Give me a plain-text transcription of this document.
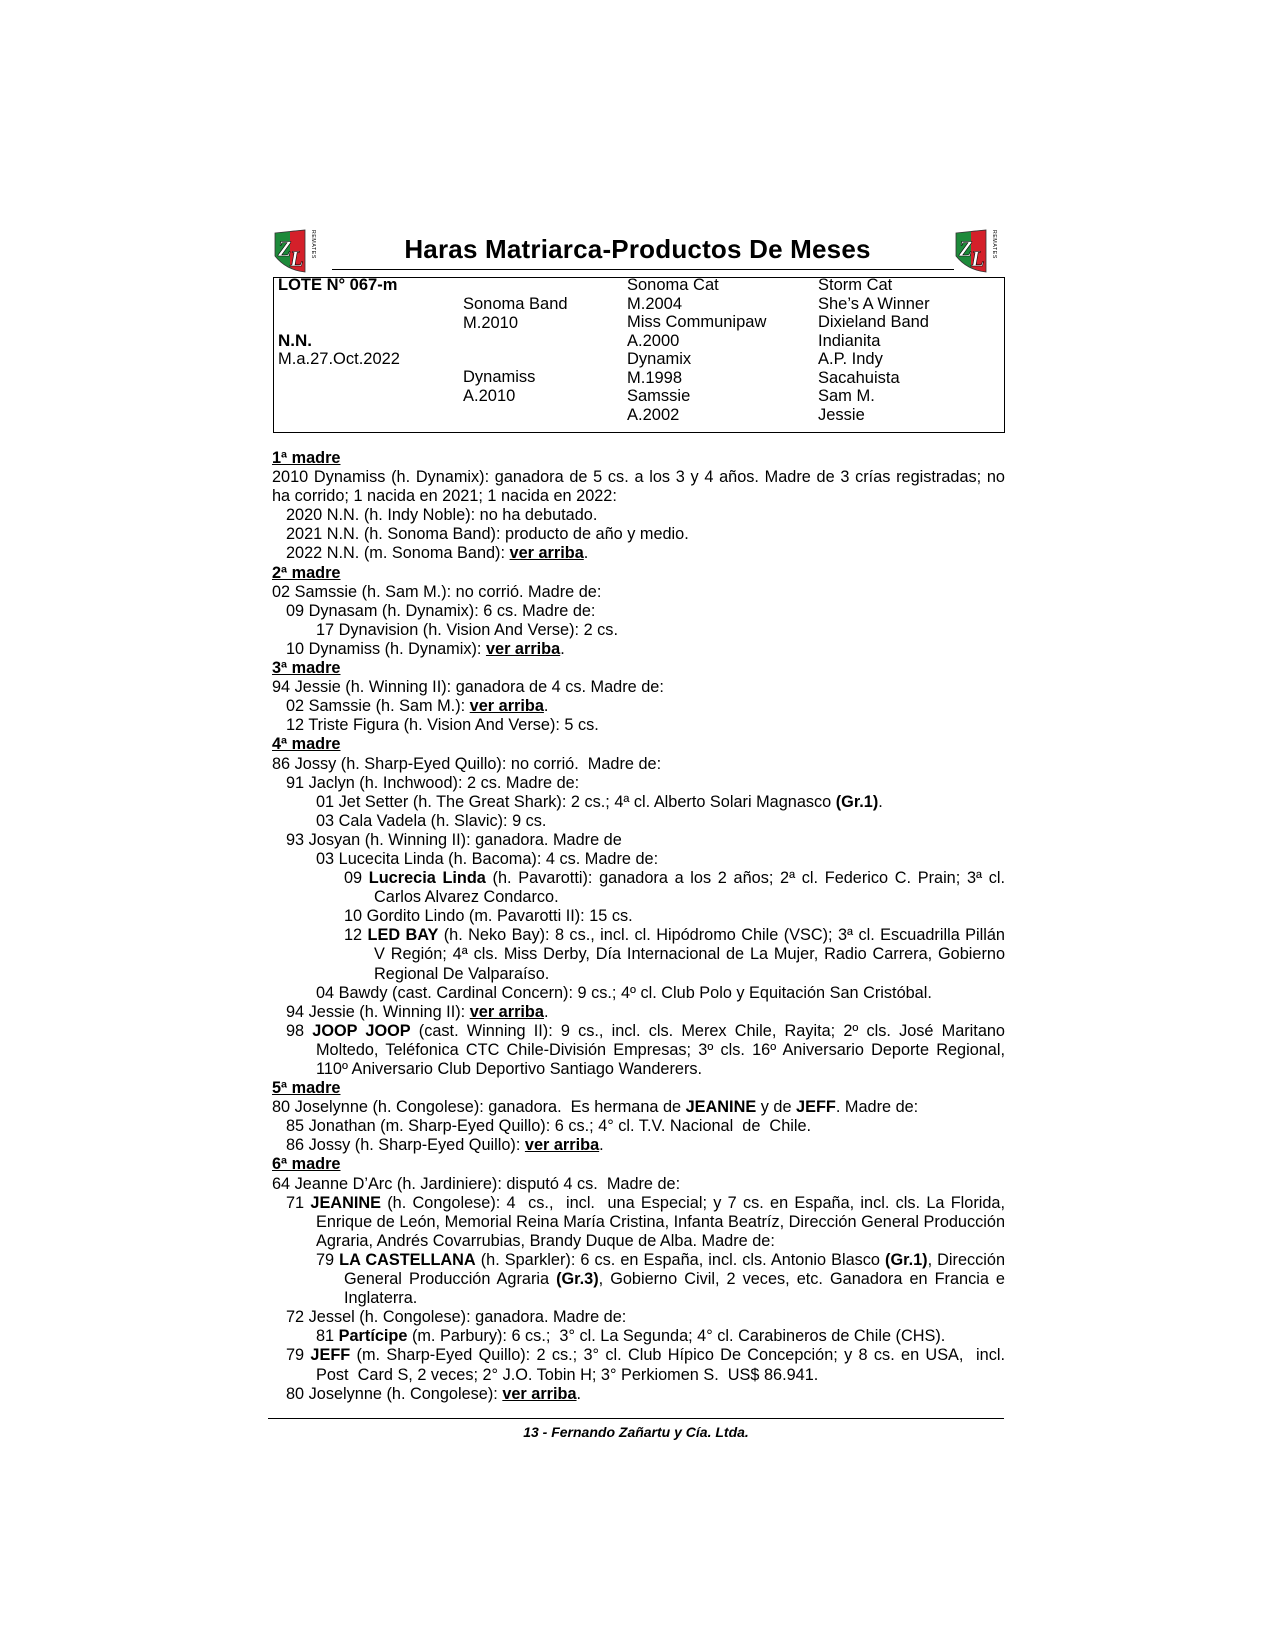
Z
L REMATES	Haras Matriarca-Productos De Meses	Z
L REMATES
LOTE N° 067-m
N.N.
M.a.27.Oct.2022
Sonoma Band
M.2010
Dynamiss
A.2010
Sonoma Cat
M.2004
Miss Communipaw
A.2000
Dynamix
M.1998
Samssie
A.2002
Storm Cat
She’s A Winner
Dixieland Band
Indianita
A.P. Indy
Sacahuista
Sam M.
Jessie
1ª madre
2010 Dynamiss (h. Dynamix): ganadora de 5 cs. a los 3 y 4 años. Madre de 3 crías registradas; no ha corrido; 1 nacida en 2021; 1 nacida en 2022:
2020 N.N. (h. Indy Noble): no ha debutado.
2021 N.N. (h. Sonoma Band): producto de año y medio.
2022 N.N. (m. Sonoma Band): ver arriba.
2ª madre
02 Samssie (h. Sam M.): no corrió. Madre de:
09 Dynasam (h. Dynamix): 6 cs. Madre de:
17 Dynavision (h. Vision And Verse): 2 cs.
10 Dynamiss (h. Dynamix): ver arriba.
3ª madre
94 Jessie (h. Winning II): ganadora de 4 cs. Madre de:
02 Samssie (h. Sam M.): ver arriba.
12 Triste Figura (h. Vision And Verse): 5 cs.
4ª madre
86 Jossy (h. Sharp-Eyed Quillo): no corrió.  Madre de:
91 Jaclyn (h. Inchwood): 2 cs. Madre de:
01 Jet Setter (h. The Great Shark): 2 cs.; 4ª cl. Alberto Solari Magnasco (Gr.1).
03 Cala Vadela (h. Slavic): 9 cs.
93 Josyan (h. Winning II): ganadora. Madre de
03 Lucecita Linda (h. Bacoma): 4 cs. Madre de:
09 Lucrecia Linda (h. Pavarotti): ganadora a los 2 años; 2ª cl. Federico C. Prain; 3ª cl. Carlos Alvarez Condarco.
10 Gordito Lindo (m. Pavarotti II): 15 cs.
12 LED BAY (h. Neko Bay): 8 cs., incl. cl. Hipódromo Chile (VSC); 3ª cl. Escuadrilla Pillán V Región; 4ª cls. Miss Derby, Día Internacional de La Mujer, Radio Carrera, Gobierno Regional De Valparaíso.
04 Bawdy (cast. Cardinal Concern): 9 cs.; 4º cl. Club Polo y Equitación San Cristóbal.
94 Jessie (h. Winning II): ver arriba.
98 JOOP JOOP (cast. Winning II): 9 cs., incl. cls. Merex Chile, Rayita; 2º cls. José Maritano Moltedo, Teléfonica CTC Chile-División Empresas; 3º cls. 16º Aniversario Deporte Regional, 110º Aniversario Club Deportivo Santiago Wanderers.
5ª madre
80 Joselynne (h. Congolese): ganadora.  Es hermana de JEANINE y de JEFF. Madre de:
85 Jonathan (m. Sharp-Eyed Quillo): 6 cs.; 4° cl. T.V. Nacional  de  Chile.
86 Jossy (h. Sharp-Eyed Quillo): ver arriba.
6ª madre
64 Jeanne D’Arc (h. Jardiniere): disputó 4 cs.  Madre de:
71 JEANINE (h. Congolese): 4  cs.,  incl.  una Especial; y 7 cs. en España, incl. cls. La Florida, Enrique de León, Memorial Reina María Cristina, Infanta Beatríz, Dirección General Producción Agraria, Andrés Covarrubias, Brandy Duque de Alba. Madre de:
79 LA CASTELLANA (h. Sparkler): 6 cs. en España, incl. cls. Antonio Blasco (Gr.1), Dirección General Producción Agraria (Gr.3), Gobierno Civil, 2 veces, etc. Ganadora en Francia e Inglaterra.
72 Jessel (h. Congolese): ganadora. Madre de:
81 Partícipe (m. Parbury): 6 cs.;  3° cl. La Segunda; 4° cl. Carabineros de Chile (CHS).
79 JEFF (m. Sharp-Eyed Quillo): 2 cs.; 3° cl. Club Hípico De Concepción; y 8 cs. en USA,  incl. Post  Card S, 2 veces; 2° J.O. Tobin H; 3° Perkiomen S.  US$ 86.941.
80 Joselynne (h. Congolese): ver arriba.
13 - Fernando Zañartu y Cía. Ltda.
